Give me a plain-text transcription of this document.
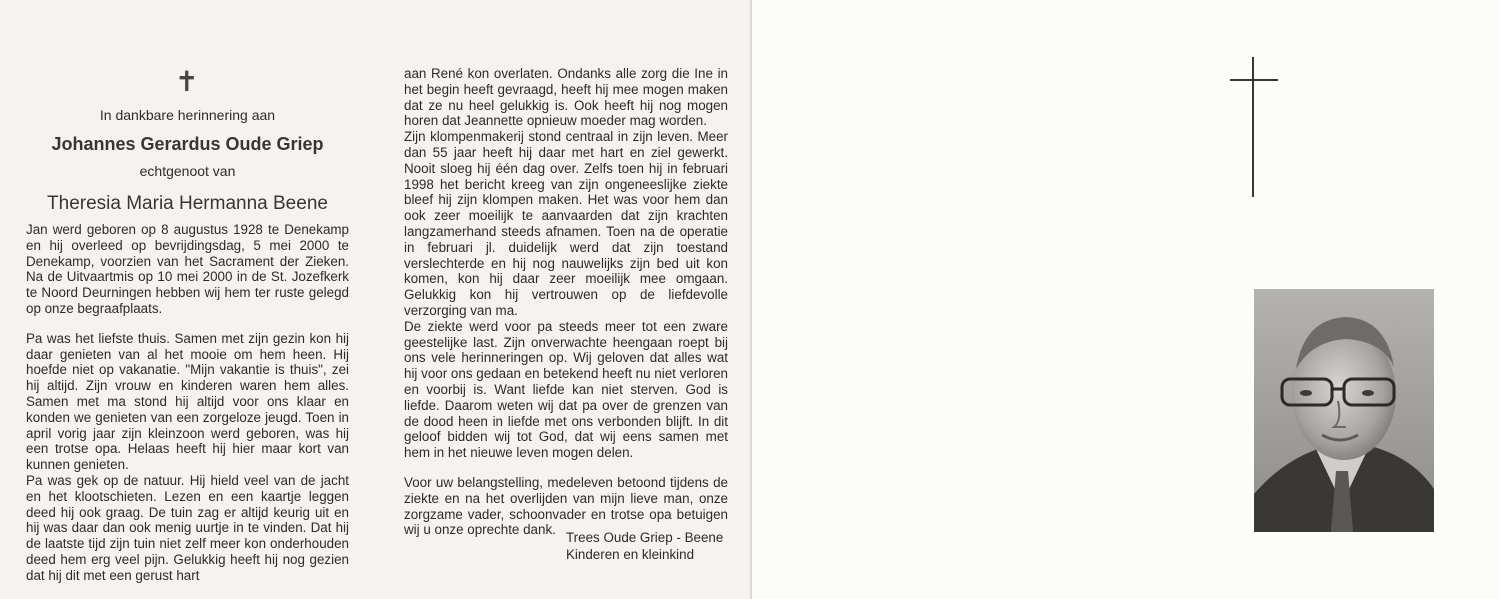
✝
In dankbare herinnering aan
Johannes Gerardus Oude Griep
echtgenoot van
Theresia Maria Hermanna Beene

Jan werd geboren op 8 augustus 1928 te Denekamp en hij overleed op bevrijdingsdag, 5 mei 2000 te Denekamp, voorzien van het Sacrament der Zieken. Na de Uitvaartmis op 10 mei 2000 in de St. Jozefkerk te Noord Deurningen hebben wij hem ter ruste gelegd op onze begraafplaats.

Pa was het liefste thuis. Samen met zijn gezin kon hij daar genieten van al het mooie om hem heen. Hij hoefde niet op vakanatie. "Mijn vakantie is thuis", zei hij altijd. Zijn vrouw en kinderen waren hem alles. Samen met ma stond hij altijd voor ons klaar en konden we genieten van een zorgeloze jeugd. Toen in april vorig jaar zijn kleinzoon werd geboren, was hij een trotse opa. Helaas heeft hij hier maar kort van kunnen genieten.

Pa was gek op de natuur. Hij hield veel van de jacht en het klootschieten. Lezen en een kaartje leggen deed hij ook graag. De tuin zag er altijd keurig uit en hij was daar dan ook menig uurtje in te vinden. Dat hij de laatste tijd zijn tuin niet zelf meer kon onderhouden deed hem erg veel pijn. Gelukkig heeft hij nog gezien dat hij dit met een gerust hart

aan René kon overlaten. Ondanks alle zorg die Ine in het begin heeft gevraagd, heeft hij mee mogen maken dat ze nu heel gelukkig is. Ook heeft hij nog mogen horen dat Jeannette opnieuw moeder mag worden.

Zijn klompenmakerij stond centraal in zijn leven. Meer dan 55 jaar heeft hij daar met hart en ziel gewerkt. Nooit sloeg hij één dag over. Zelfs toen hij in februari 1998 het bericht kreeg van zijn ongeneeslijke ziekte bleef hij zijn klompen maken. Het was voor hem dan ook zeer moeilijk te aanvaarden dat zijn krachten langzamerhand steeds afnamen. Toen na de operatie in februari jl. duidelijk werd dat zijn toestand verslechterde en hij nog nauwelijks zijn bed uit kon komen, kon hij daar zeer moeilijk mee omgaan. Gelukkig kon hij vertrouwen op de liefdevolle verzorging van ma.

De ziekte werd voor pa steeds meer tot een zware geestelijke last. Zijn onverwachte heengaan roept bij ons vele herinneringen op. Wij geloven dat alles wat hij voor ons gedaan en betekend heeft nu niet verloren en voorbij is. Want liefde kan niet sterven. God is liefde. Daarom weten wij dat pa over de grenzen van de dood heen in liefde met ons verbonden blijft. In dit geloof bidden wij tot God, dat wij eens samen met hem in het nieuwe leven mogen delen.

Voor uw belangstelling, medeleven betoond tijdens de ziekte en na het overlijden van mijn lieve man, onze zorgzame vader, schoonvader en trotse opa betuigen wij u onze oprechte dank.

Trees Oude Griep - Beene
Kinderen en kleinkind
